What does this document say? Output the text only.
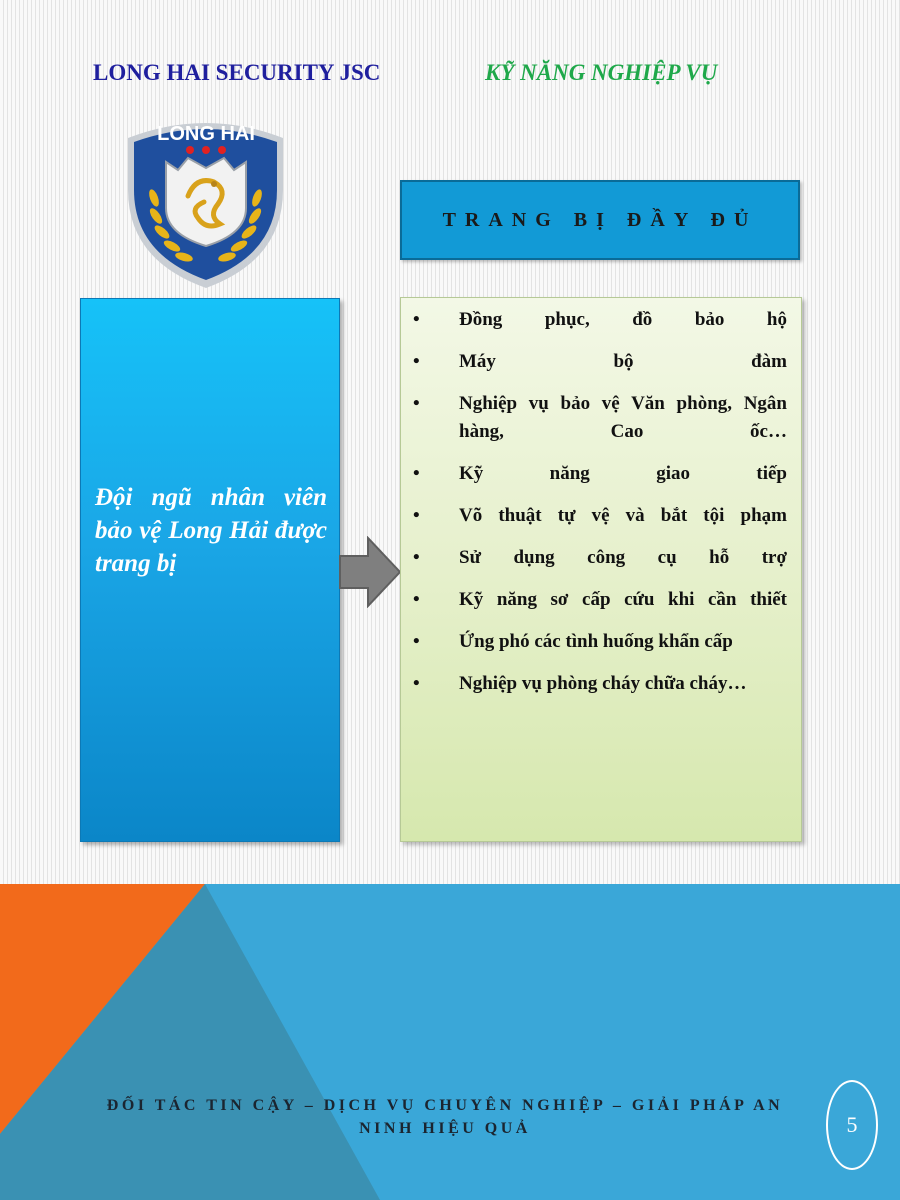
LONG HAI SECURITY JSC	KỸ NĂNG NGHIỆP VỤ
LONG HAI
TRANG BỊ ĐẦY ĐỦ

Đội ngũ nhân viên bảo vệ Long Hải được trang bị

• Đồng phục, đồ bảo hộ
• Máy bộ đàm
• Nghiệp vụ bảo vệ Văn phòng, Ngân hàng, Cao ốc…
• Kỹ năng giao tiếp
• Võ thuật tự vệ và bắt tội phạm
• Sử dụng công cụ hỗ trợ
• Kỹ năng sơ cấp cứu khi cần thiết
• Ứng phó các tình huống khẩn cấp
• Nghiệp vụ phòng cháy chữa cháy…
ĐỐI TÁC TIN CẬY – DỊCH VỤ CHUYÊN NGHIỆP – GIẢI PHÁP AN NINH HIỆU QUẢ	5
